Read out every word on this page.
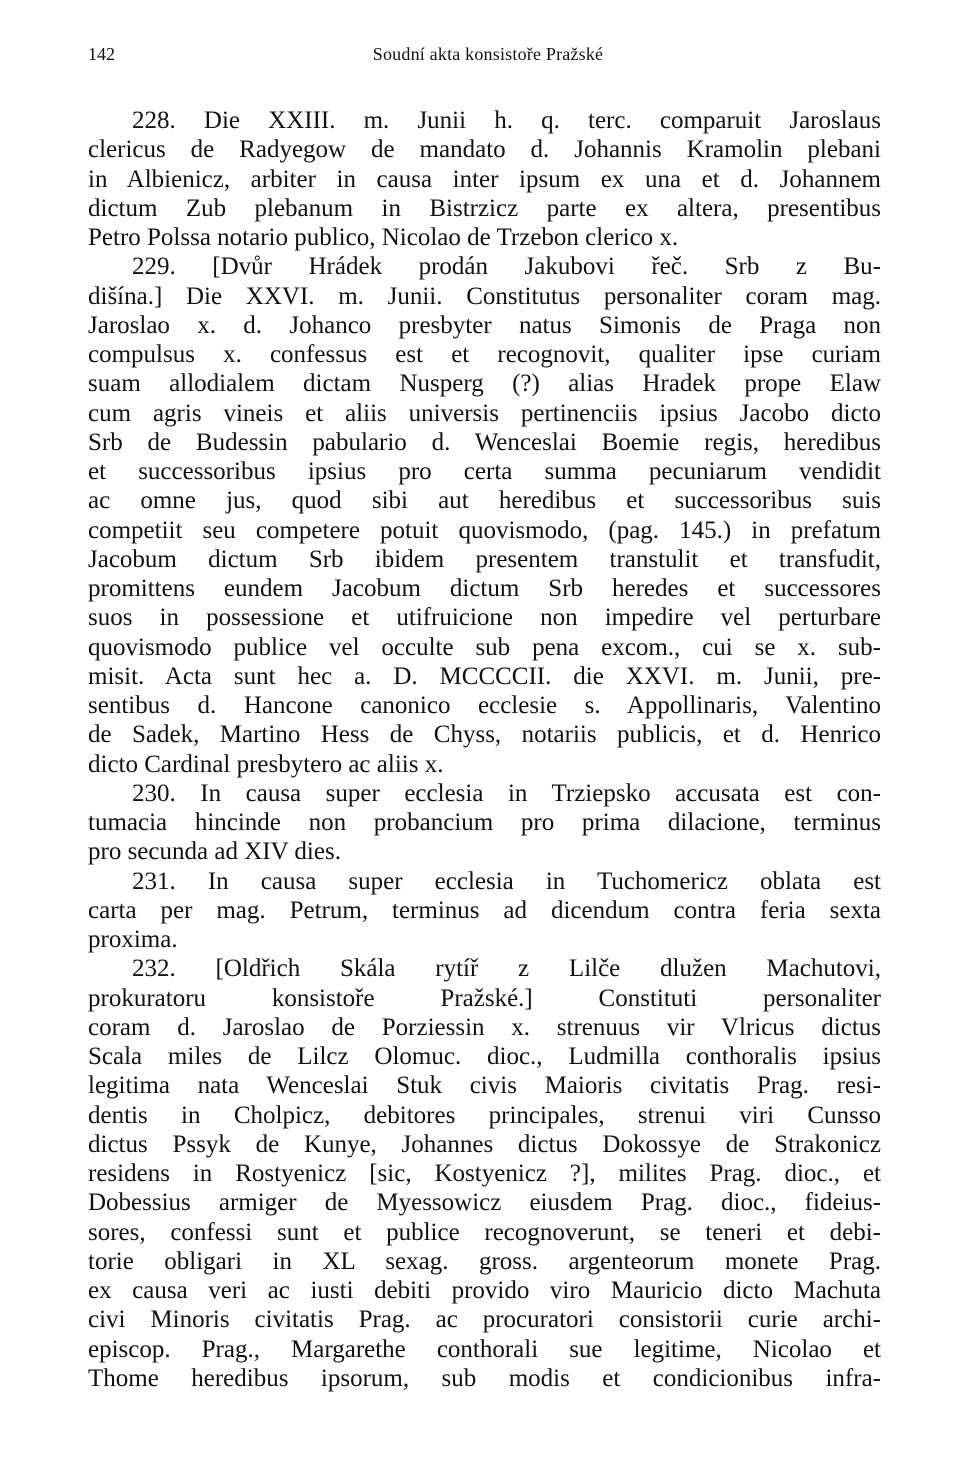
142	Soudní akta konsistoře Pražské
228. Die XXIII. m. Junii h. q. terc. comparuit Jaroslaus
clericus de Radyegow de mandato d. Johannis Kramolin plebani
in Albienicz, arbiter in causa inter ipsum ex una et d. Johannem
dictum Zub plebanum in Bistrzicz parte ex altera, presentibus
Petro Polssa notario publico, Nicolao de Trzebon clerico x.
229. [Dvůr Hrádek prodán Jakubovi řeč. Srb z Bu-
dišína.] Die XXVI. m. Junii. Constitutus personaliter coram mag.
Jaroslao x. d. Johanco presbyter natus Simonis de Praga non
compulsus x. confessus est et recognovit, qualiter ipse curiam
suam allodialem dictam Nusperg (?) alias Hradek prope Elaw
cum agris vineis et aliis universis pertinenciis ipsius Jacobo dicto
Srb de Budessin pabulario d. Wenceslai Boemie regis, heredibus
et successoribus ipsius pro certa summa pecuniarum vendidit
ac omne jus, quod sibi aut heredibus et successoribus suis
competiit seu competere potuit quovismodo, (pag. 145.) in prefatum
Jacobum dictum Srb ibidem presentem transtulit et transfudit,
promittens eundem Jacobum dictum Srb heredes et successores
suos in possessione et utifruicione non impedire vel perturbare
quovismodo publice vel occulte sub pena excom., cui se x. sub-
misit. Acta sunt hec a. D. MCCCCII. die XXVI. m. Junii, pre-
sentibus d. Hancone canonico ecclesie s. Appollinaris, Valentino
de Sadek, Martino Hess de Chyss, notariis publicis, et d. Henrico
dicto Cardinal presbytero ac aliis x.
230. In causa super ecclesia in Trziepsko accusata est con-
tumacia hincinde non probancium pro prima dilacione, terminus
pro secunda ad XIV dies.
231. In causa super ecclesia in Tuchomericz oblata est
carta per mag. Petrum, terminus ad dicendum contra feria sexta
proxima.
232. [Oldřich Skála rytíř z Lilče dlužen Machutovi,
prokuratoru konsistoře Pražské.] Constituti personaliter
coram d. Jaroslao de Porziessin x. strenuus vir Vlricus dictus
Scala miles de Lilcz Olomuc. dioc., Ludmilla conthoralis ipsius
legitima nata Wenceslai Stuk civis Maioris civitatis Prag. resi-
dentis in Cholpicz, debitores principales, strenui viri Cunsso
dictus Pssyk de Kunye, Johannes dictus Dokossye de Strakonicz
residens in Rostyenicz [sic, Kostyenicz ?], milites Prag. dioc., et
Dobessius armiger de Myessowicz eiusdem Prag. dioc., fideius-
sores, confessi sunt et publice recognoverunt, se teneri et debi-
torie obligari in XL sexag. gross. argenteorum monete Prag.
ex causa veri ac iusti debiti provido viro Mauricio dicto Machuta
civi Minoris civitatis Prag. ac procuratori consistorii curie archi-
episcop. Prag., Margarethe conthorali sue legitime, Nicolao et
Thome heredibus ipsorum, sub modis et condicionibus infra-
